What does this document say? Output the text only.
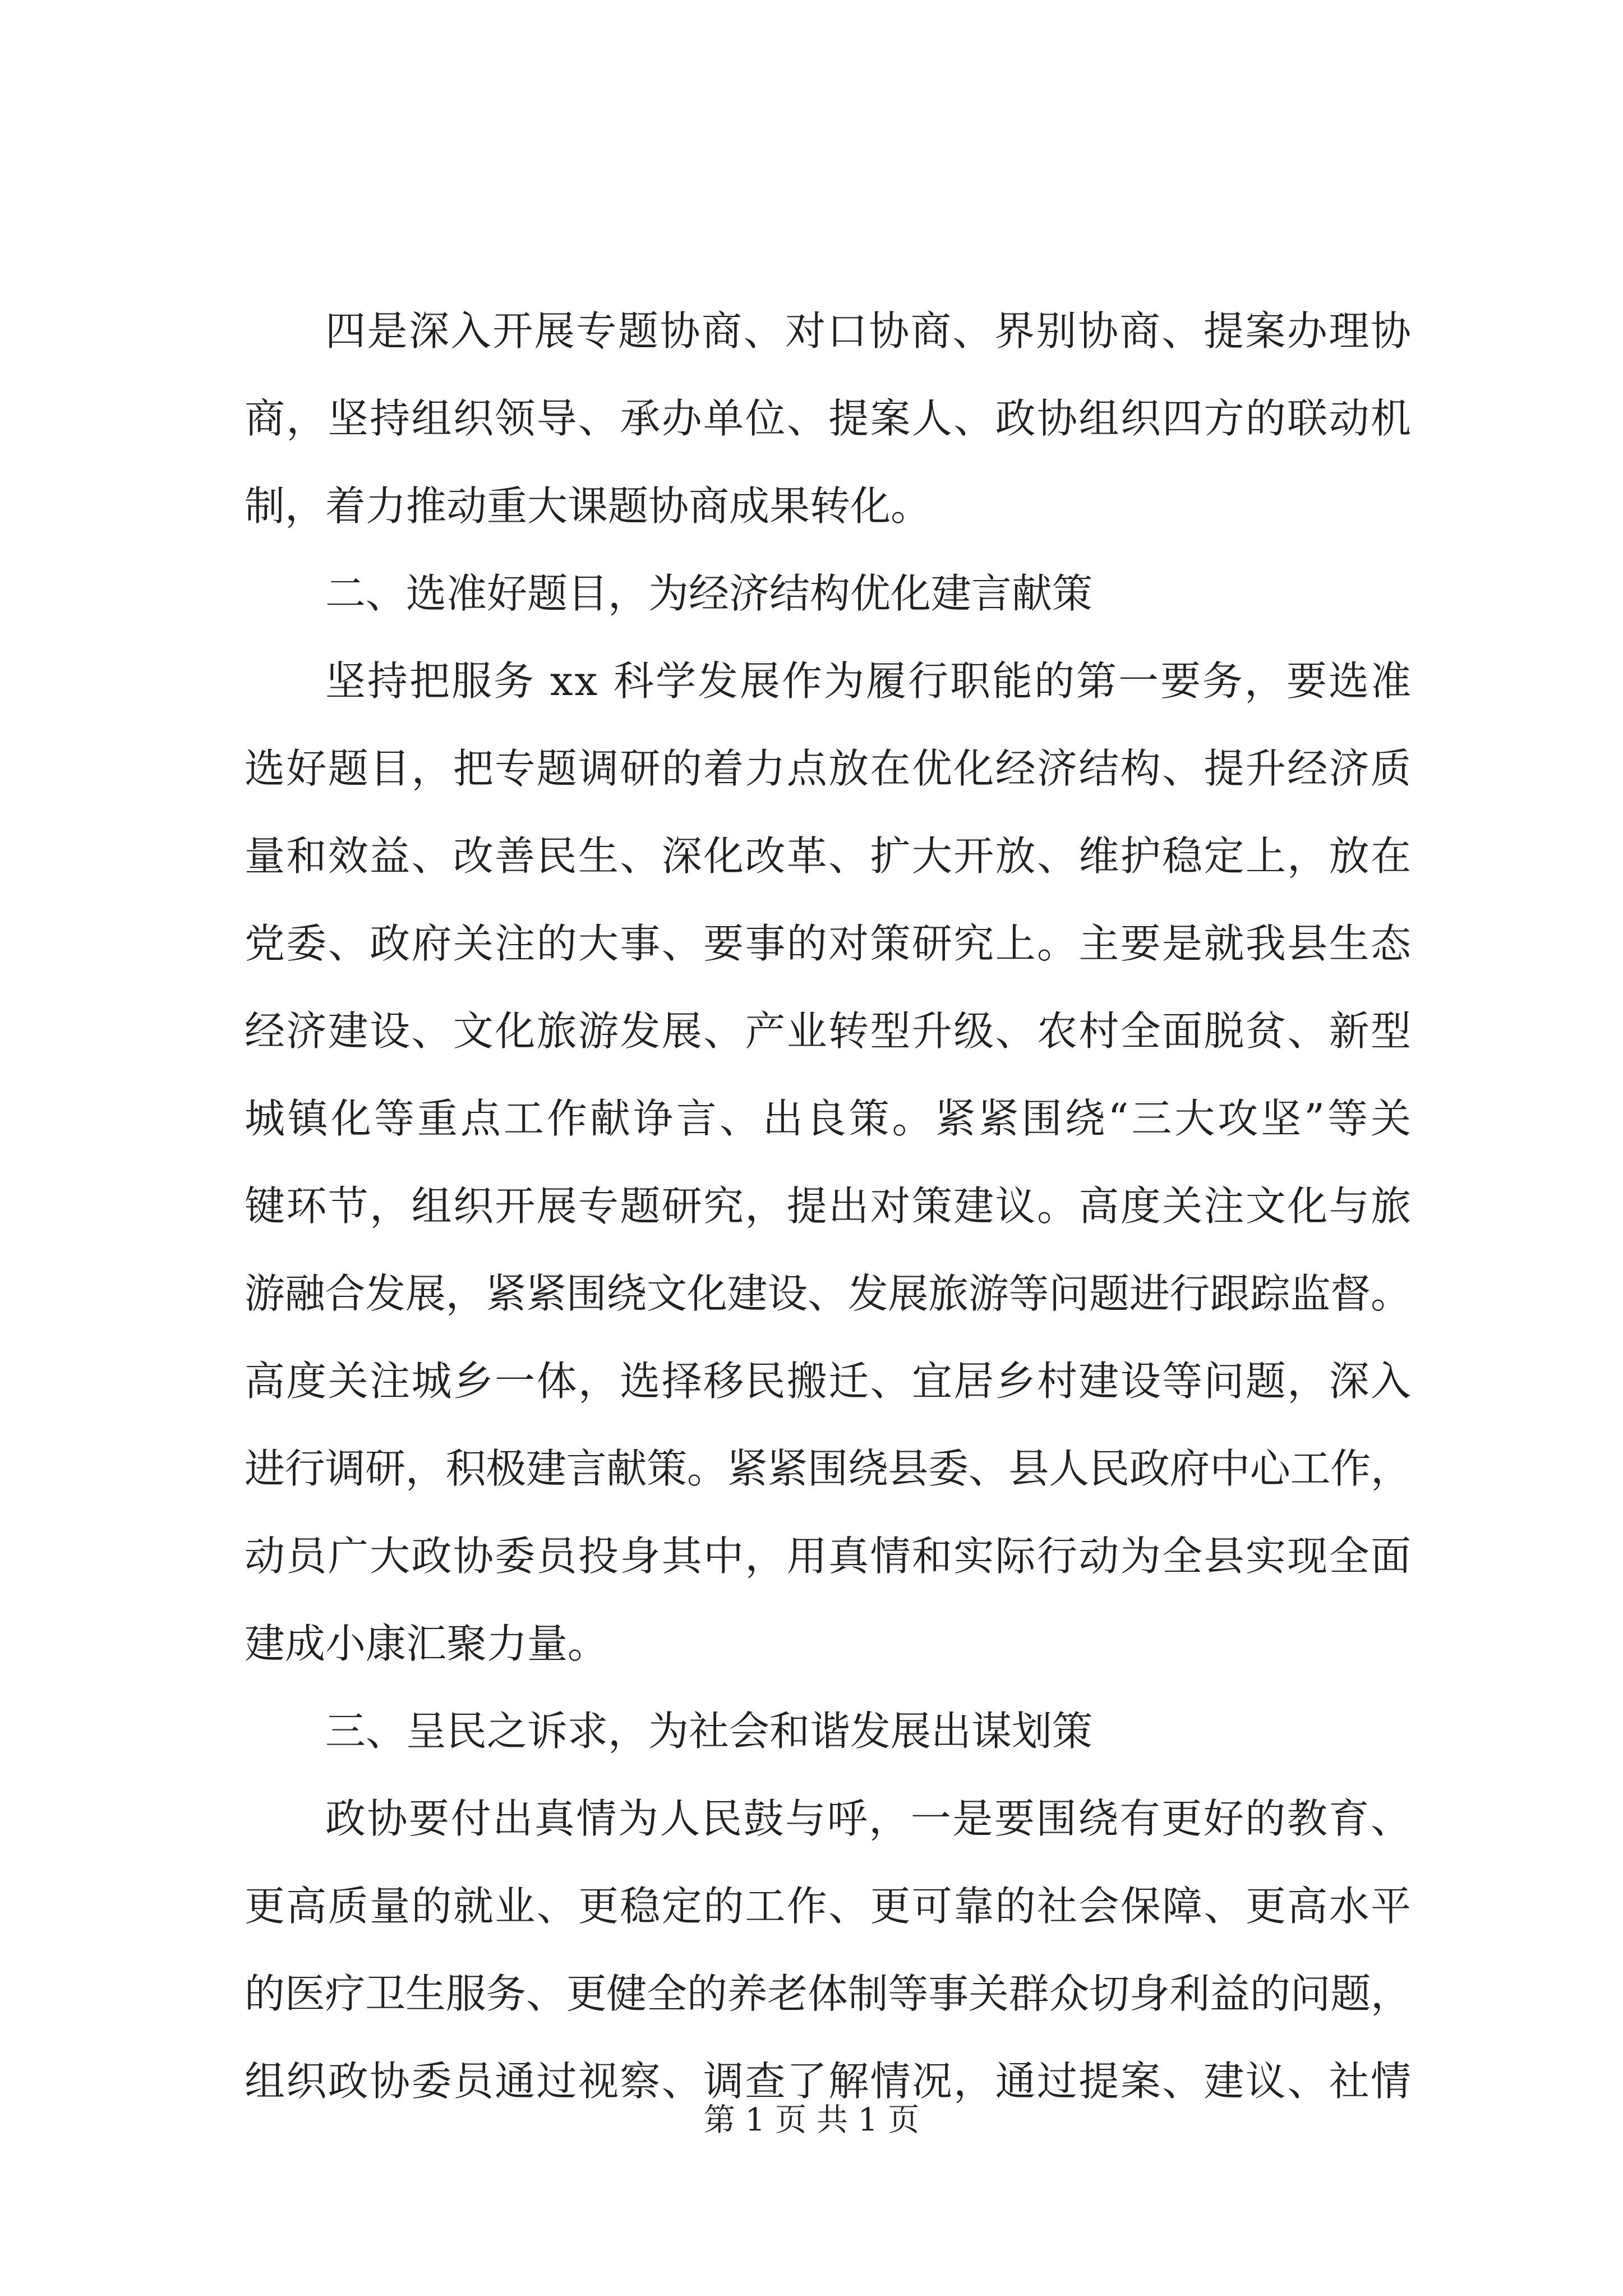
四是深入开展专题协商、对口协商、界别协商、提案办理协
商，坚持组织领导、承办单位、提案人、政协组织四方的联动机
制，着力推动重大课题协商成果转化。
二、选准好题目，为经济结构优化建言献策
坚持把服务 xx 科学发展作为履行职能的第一要务，要选准
选好题目，把专题调研的着力点放在优化经济结构、提升经济质
量和效益、改善民生、深化改革、扩大开放、维护稳定上，放在
党委、政府关注的大事、要事的对策研究上。主要是就我县生态
经济建设、文化旅游发展、产业转型升级、农村全面脱贫、新型
城镇化等重点工作献诤言、出良策。紧紧围绕“三大攻坚”等关
键环节，组织开展专题研究，提出对策建议。高度关注文化与旅
游融合发展，紧紧围绕文化建设、发展旅游等问题进行跟踪监督。
高度关注城乡一体，选择移民搬迁、宜居乡村建设等问题，深入
进行调研，积极建言献策。紧紧围绕县委、县人民政府中心工作，
动员广大政协委员投身其中，用真情和实际行动为全县实现全面
建成小康汇聚力量。
三、呈民之诉求，为社会和谐发展出谋划策
政协要付出真情为人民鼓与呼，一是要围绕有更好的教育、
更高质量的就业、更稳定的工作、更可靠的社会保障、更高水平
的医疗卫生服务、更健全的养老体制等事关群众切身利益的问题，
组织政协委员通过视察、调查了解情况，通过提案、建议、社情
第 1 页 共 1 页
